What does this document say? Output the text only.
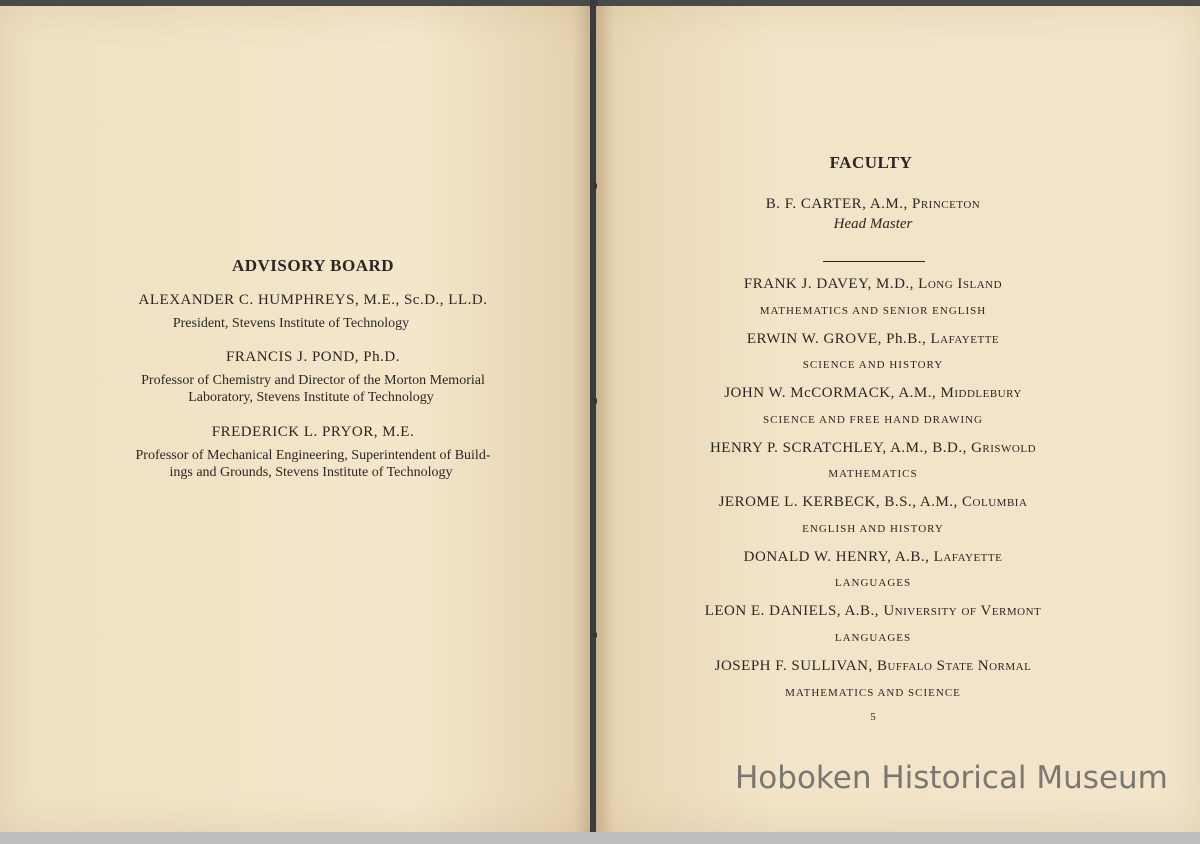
ADVISORY BOARD
ALEXANDER C. HUMPHREYS, M.E., Sc.D., LL.D.
President, Stevens Institute of Technology
FRANCIS J. POND, Ph.D.
Professor of Chemistry and Director of the Morton Memorial
Laboratory, Stevens Institute of Technology
FREDERICK L. PRYOR, M.E.
Professor of Mechanical Engineering, Superintendent of Build-
ings and Grounds, Stevens Institute of Technology
FACULTY
B. F. CARTER, A.M., Princeton
Head Master
FRANK J. DAVEY, M.D., Long Island
MATHEMATICS AND SENIOR ENGLISH
ERWIN W. GROVE, Ph.B., Lafayette
SCIENCE AND HISTORY
JOHN W. McCORMACK, A.M., Middlebury
SCIENCE AND FREE HAND DRAWING
HENRY P. SCRATCHLEY, A.M., B.D., Griswold
MATHEMATICS
JEROME L. KERBECK, B.S., A.M., Columbia
ENGLISH AND HISTORY
DONALD W. HENRY, A.B., Lafayette
LANGUAGES
LEON E. DANIELS, A.B., University of Vermont
LANGUAGES
JOSEPH F. SULLIVAN, Buffalo State Normal
MATHEMATICS AND SCIENCE
5
Hoboken Historical Museum
